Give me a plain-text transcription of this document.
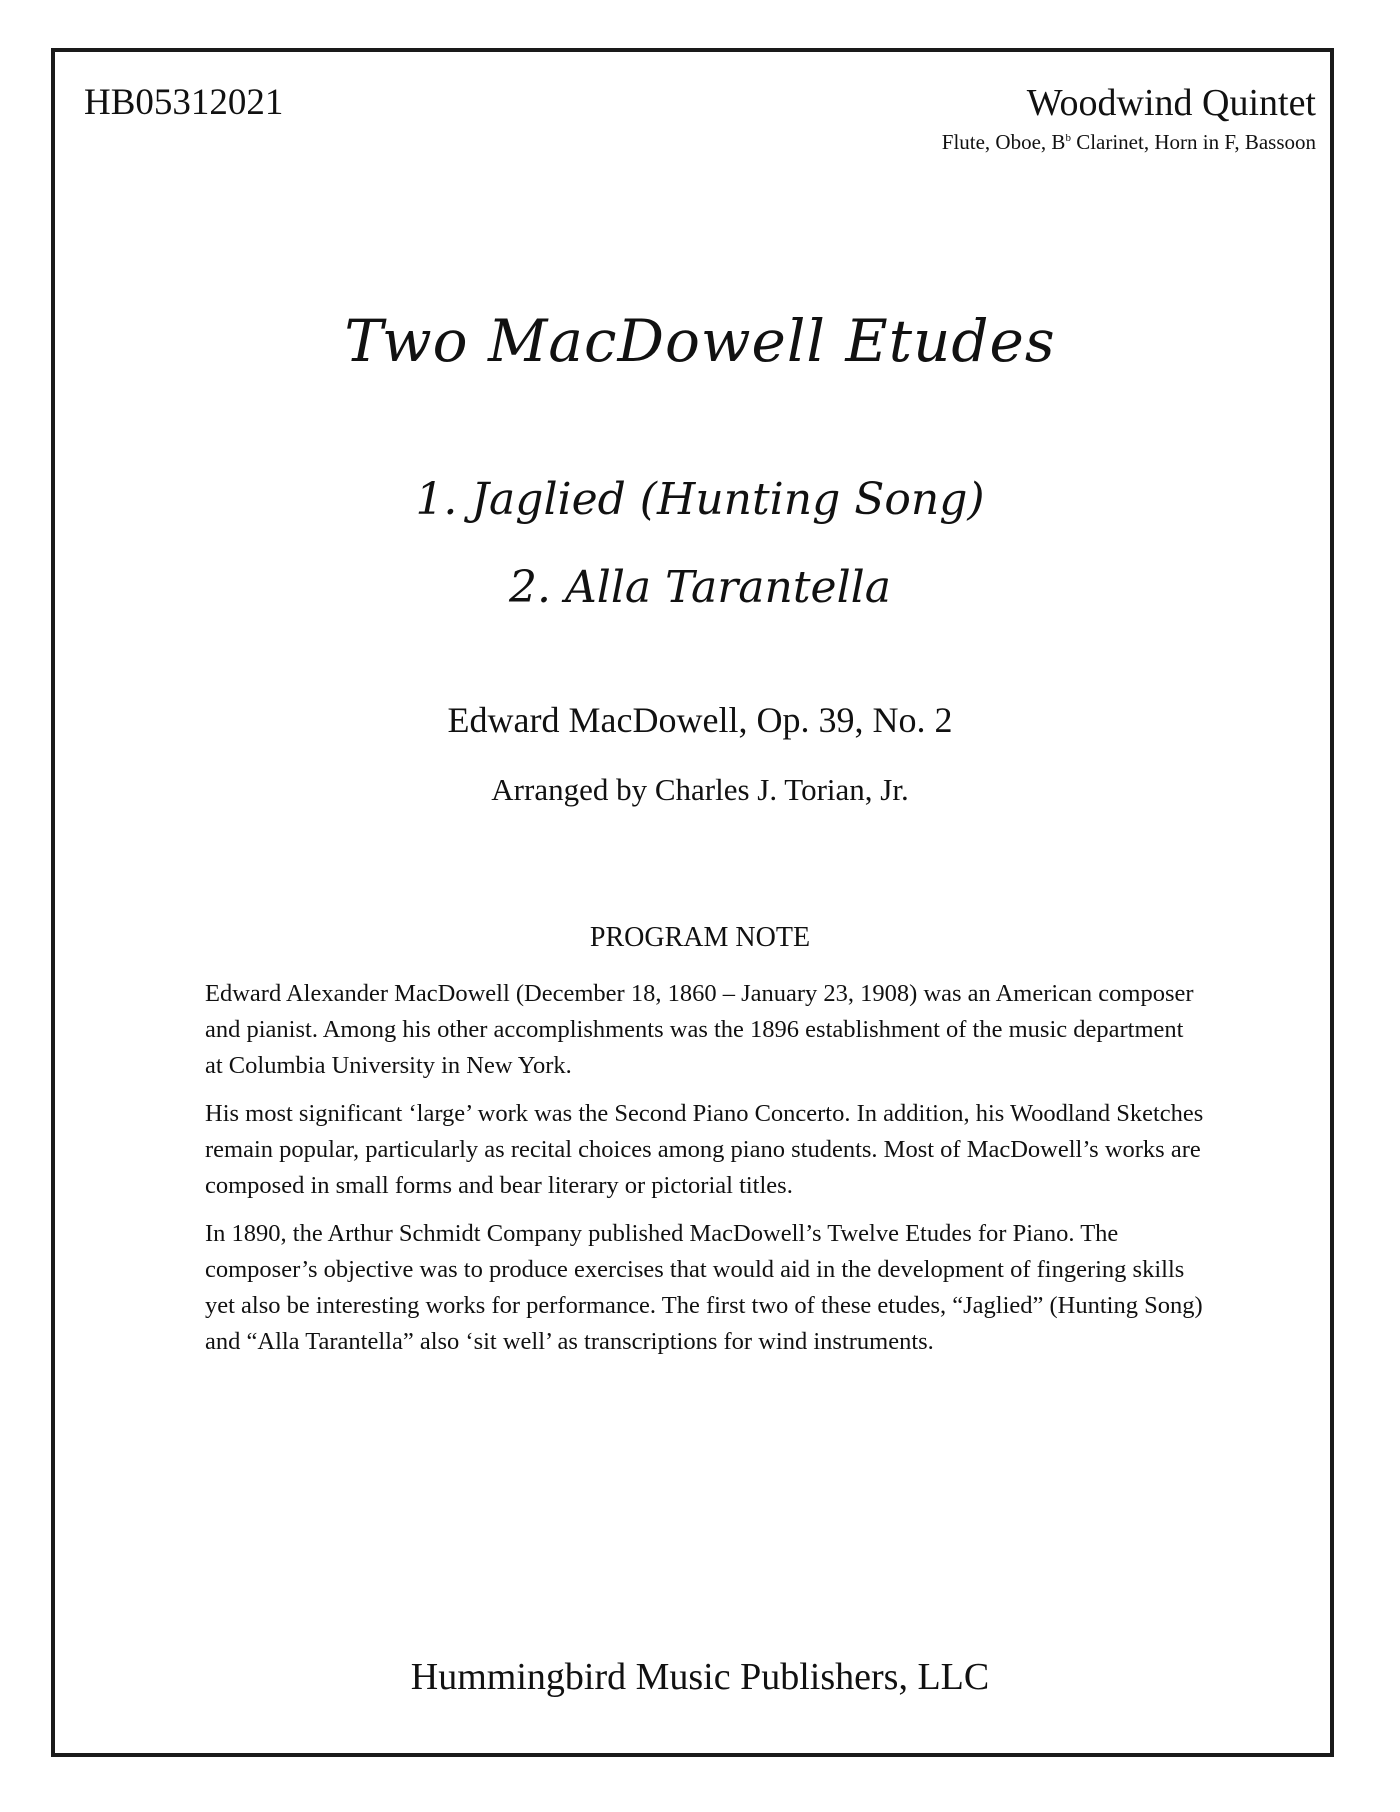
HB05312021	Woodwind Quintet
Flute, Oboe, $B^b$ Clarinet, Horn in F, Bassoon
Two MacDowell Etudes
1. Jaglied (Hunting Song)
2. Alla Tarantella
Edward MacDowell, Op. 39, No. 2
Arranged by Charles J. Torian, Jr.
PROGRAM NOTE

Edward Alexander MacDowell (December 18, 1860 – January 23, 1908) was an American composer and pianist. Among his other accomplishments was the 1896 establishment of the music department at Columbia University in New York.

His most significant ‘large’ work was the Second Piano Concerto. In addition, his Woodland Sketches remain popular, particularly as recital choices among piano students. Most of MacDowell’s works are composed in small forms and bear literary or pictorial titles.

In 1890, the Arthur Schmidt Company published MacDowell’s Twelve Etudes for Piano. The composer’s objective was to produce exercises that would aid in the development of fingering skills yet also be interesting works for performance. The first two of these etudes, “Jaglied” (Hunting Song) and “Alla Tarantella” also ‘sit well’ as transcriptions for wind instruments.

Hummingbird Music Publishers, LLC
